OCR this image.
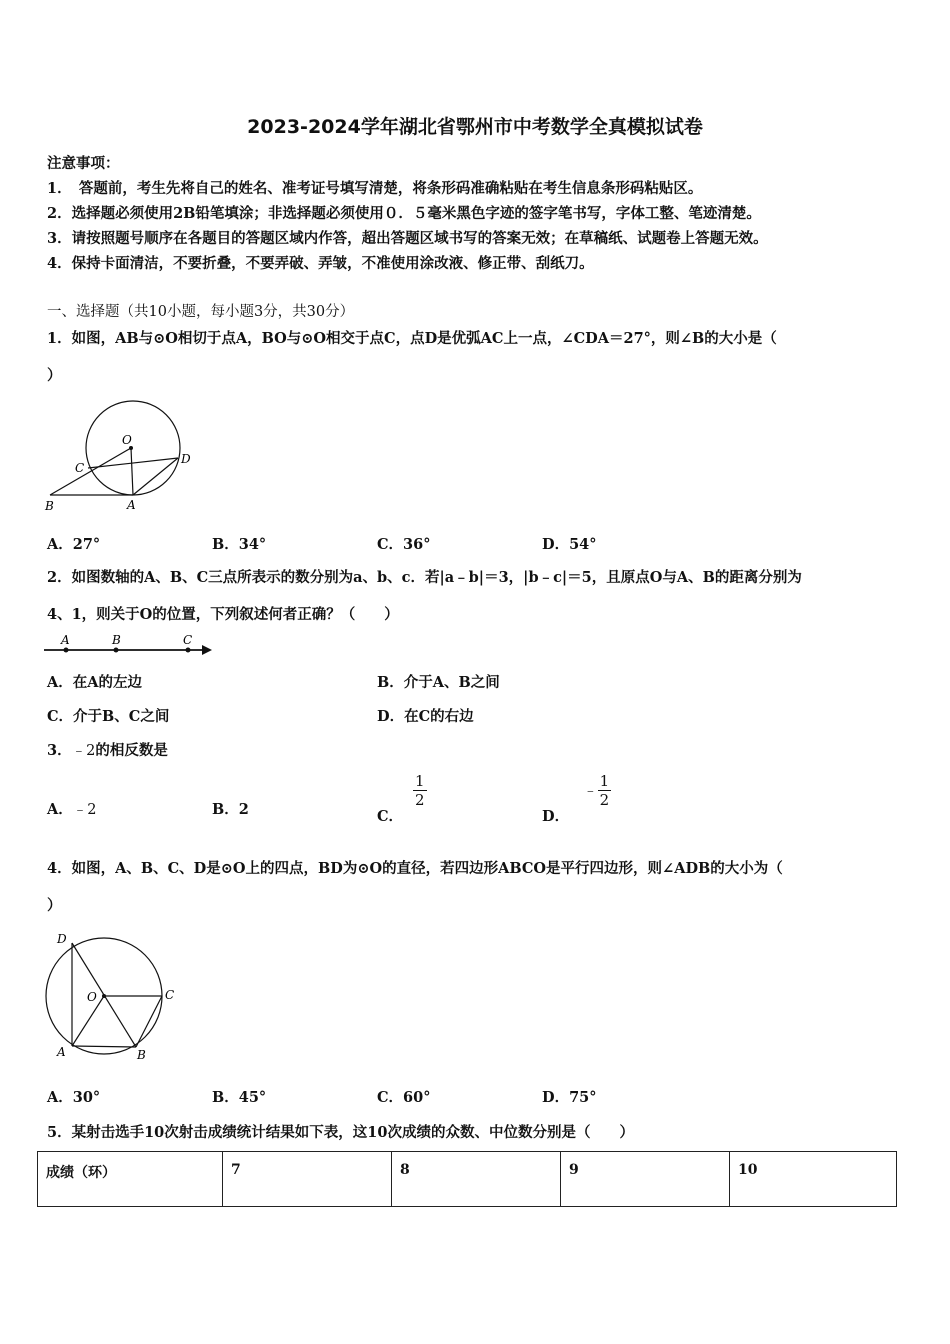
2023-2024学年湖北省鄂州市中考数学全真模拟试卷
注意事项：
1．　答题前，考生先将自己的姓名、准考证号填写清楚，将条形码准确粘贴在考生信息条形码粘贴区。
2．选择题必须使用2B铅笔填涂；非选择题必须使用０．５毫米黑色字迹的签字笔书写，字体工整、笔迹清楚。
3．请按照题号顺序在各题目的答题区域内作答，超出答题区域书写的答案无效；在草稿纸、试题卷上答题无效。
4．保持卡面清洁，不要折叠，不要弄破、弄皱，不准使用涂改液、修正带、刮纸刀。
一、选择题（共10小题，每小题3分，共30分）
1．如图，AB与⊙O相切于点A，BO与⊙O相交于点C，点D是优弧AC上一点，∠CDA＝27°，则∠B的大小是（
）
O
C
D
B	A
A．27°	B．34°	C．36°	D．54°
2．如图数轴的A、B、C三点所表示的数分别为a、b、c．若|a﹣b|＝3，|b﹣c|＝5，且原点O与A、B的距离分别为
4、1，则关于O的位置，下列叙述何者正确？（　　）
A	B	C
A．在A的左边	B．介于A、B之间
C．介于B、C之间	D．在C的右边
3．﹣2的相反数是
A．﹣2	B．2	C．
$\frac{1}{2}$
D．﹣ $\frac{1}{2}$
4．如图，A、B、C、D是⊙O上的四点，BD为⊙O的直径，若四边形ABCO是平行四边形，则∠ADB的大小为（
）
D
O	C
A	B
A．30°	B．45°	C．60°	D．75°
5．某射击选手10次射击成绩统计结果如下表，这10次成绩的众数、中位数分别是（　　）
成绩（环）	7	8	9	10
